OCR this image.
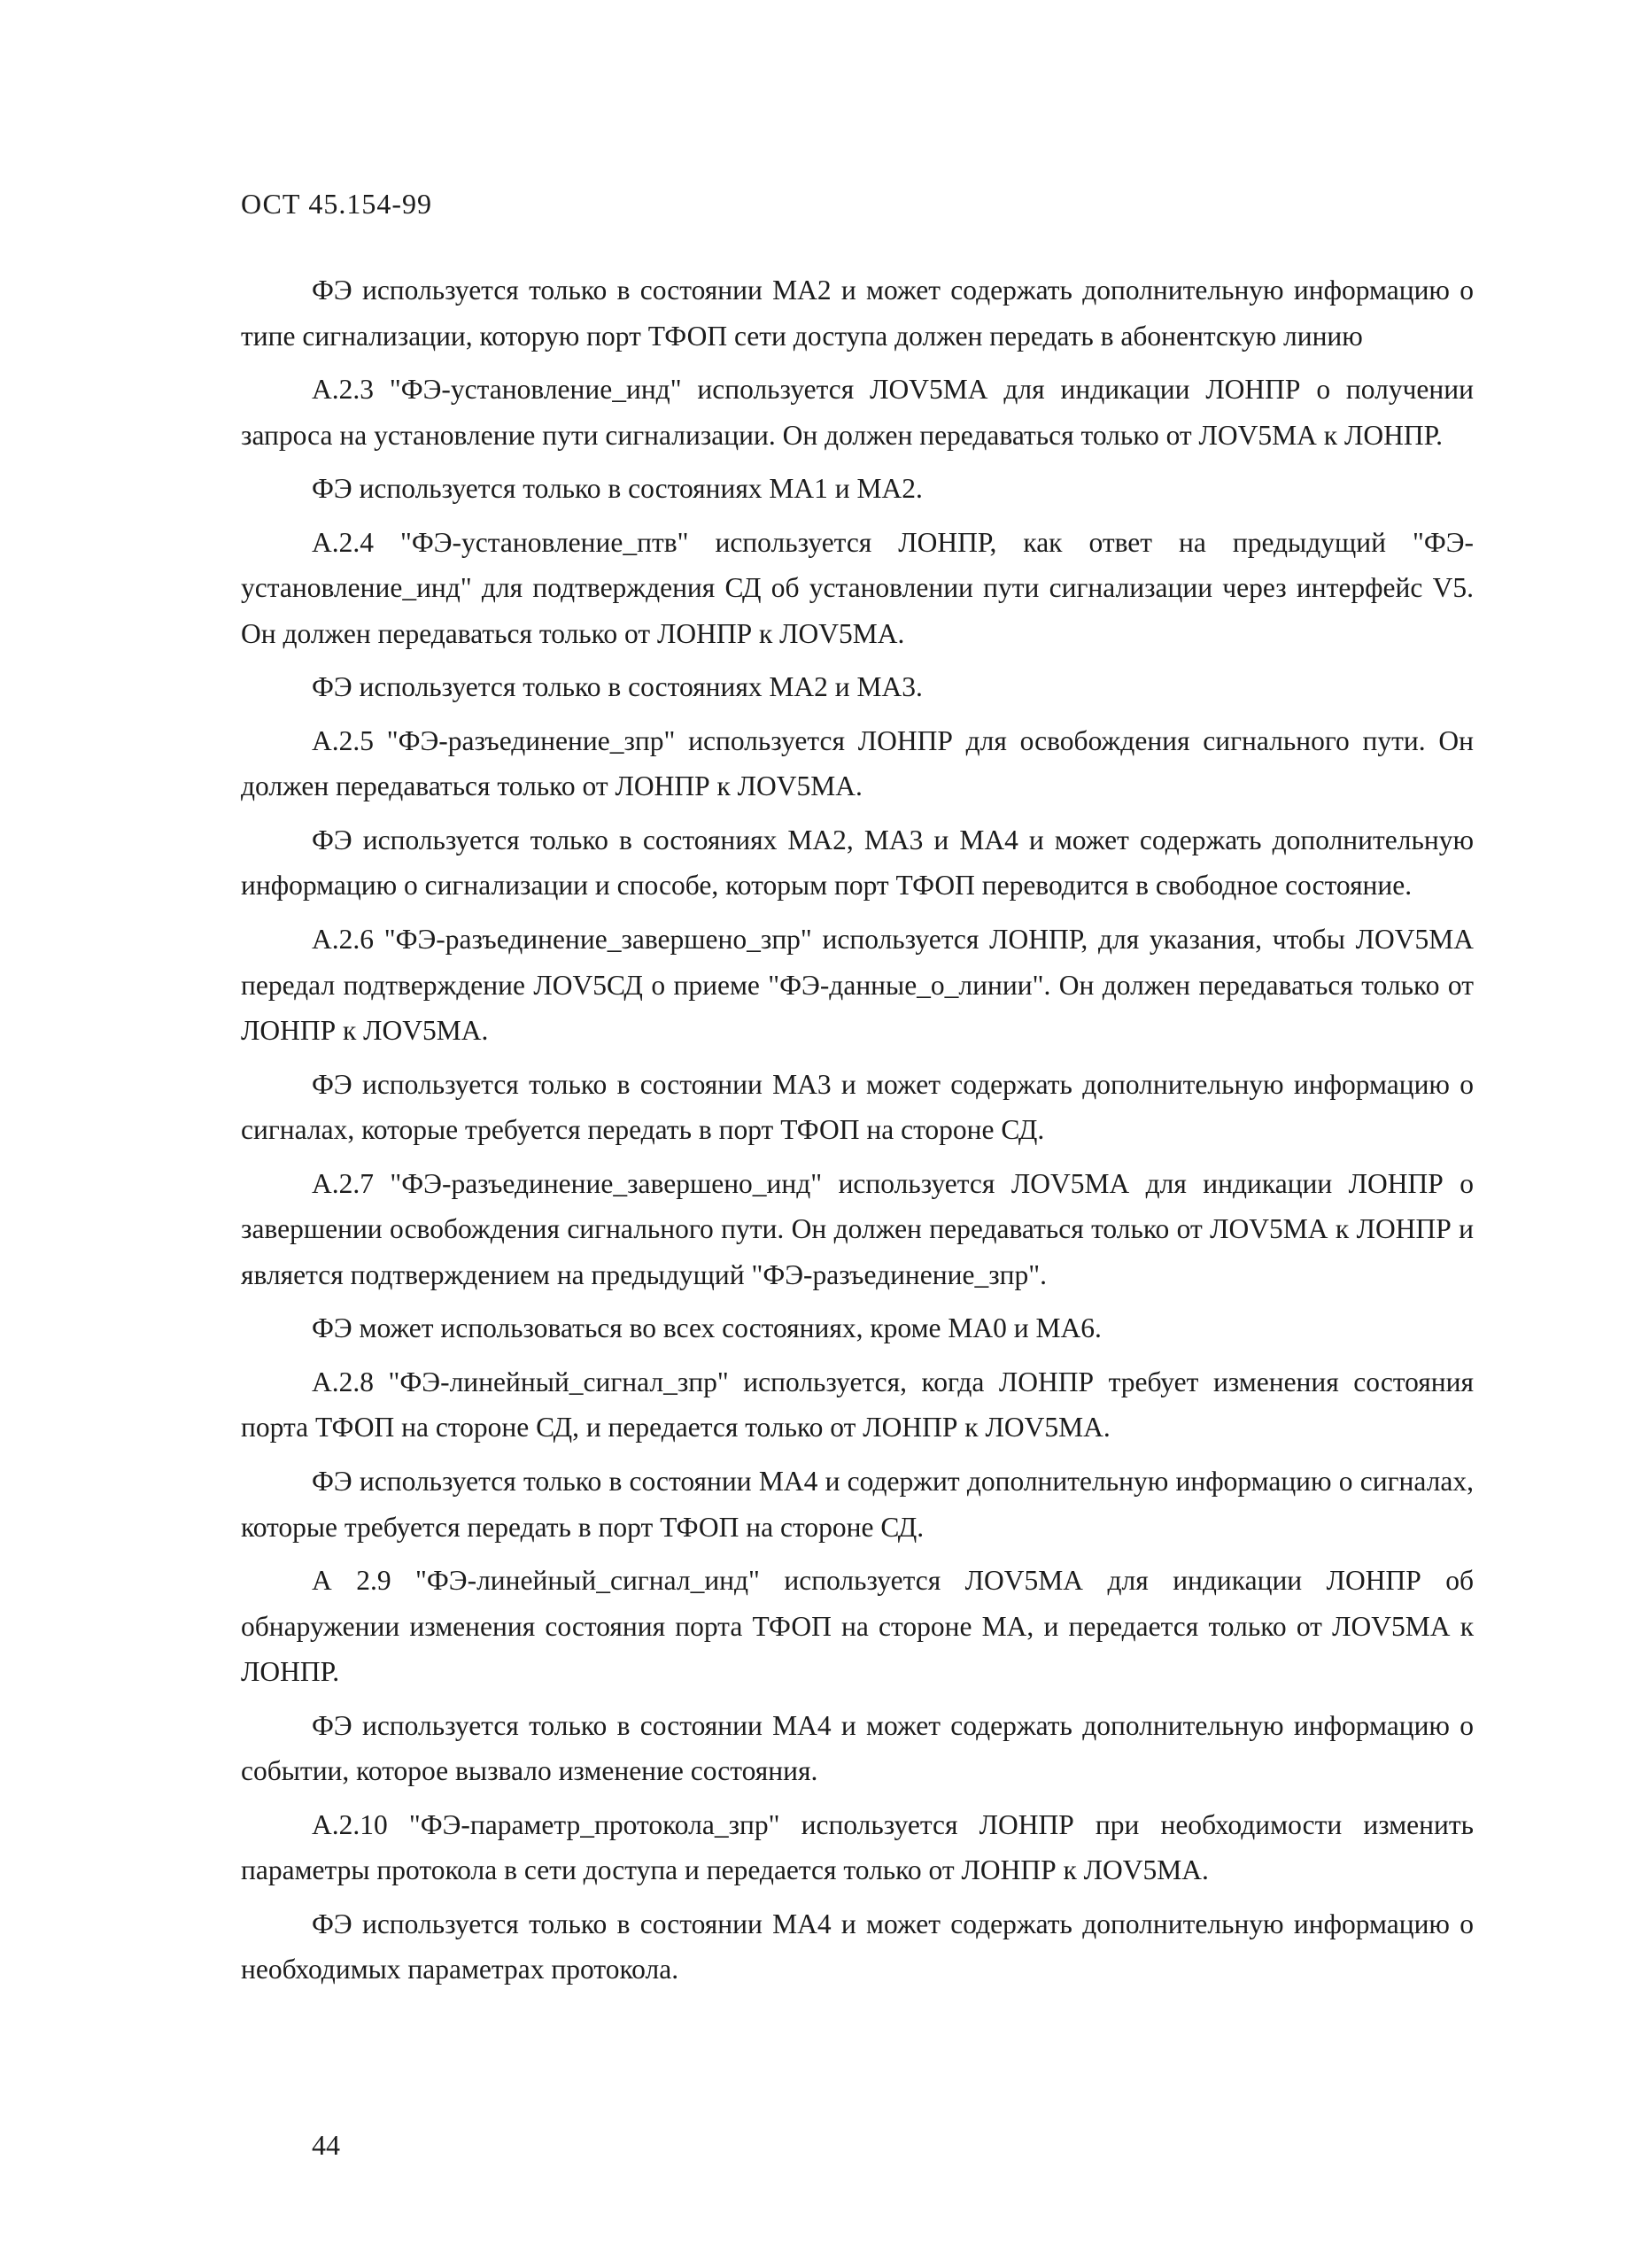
ОСТ 45.154-99

ФЭ используется только в состоянии МА2 и может содержать дополнительную информацию о типе сигнализации, которую порт ТФОП сети доступа должен передать в абонентскую линию

А.2.3 "ФЭ-установление_инд" используется ЛОV5МА для индикации ЛОНПР о получении запроса на установление пути сигнализации. Он должен передаваться только от ЛОV5МА к ЛОНПР.

ФЭ используется только в состояниях МА1 и МА2.

А.2.4 "ФЭ-установление_птв" используется ЛОНПР, как ответ на предыдущий "ФЭ-установление_инд" для подтверждения СД об установлении пути сигнализации через интерфейс V5. Он должен передаваться только от ЛОНПР к ЛОV5МА.

ФЭ используется только в состояниях МА2 и МА3.

А.2.5 "ФЭ-разъединение_зпр" используется ЛОНПР для освобождения сигнального пути. Он должен передаваться только от ЛОНПР к ЛОV5МА.

ФЭ используется только в состояниях МА2, МА3 и МА4 и может содержать дополнительную информацию о сигнализации и способе, которым порт ТФОП переводится в свободное состояние.

А.2.6 "ФЭ-разъединение_завершено_зпр" используется ЛОНПР, для указания, чтобы ЛОV5МА передал подтверждение ЛОV5СД о приеме "ФЭ-данные_о_линии". Он должен передаваться только от ЛОНПР к ЛОV5МА.

ФЭ используется только в состоянии МА3 и может содержать дополнительную информацию о сигналах, которые требуется передать в порт ТФОП на стороне СД.

А.2.7 "ФЭ-разъединение_завершено_инд" используется ЛОV5МА для индикации ЛОНПР о завершении освобождения сигнального пути. Он должен передаваться только от ЛОV5МА к ЛОНПР и является подтверждением на предыдущий "ФЭ-разъединение_зпр".

ФЭ может использоваться во всех состояниях, кроме МА0 и МА6.

А.2.8 "ФЭ-линейный_сигнал_зпр" используется, когда ЛОНПР требует изменения состояния порта ТФОП на стороне СД, и передается только от ЛОНПР к ЛОV5МА.

ФЭ используется только в состоянии МА4 и содержит дополнительную информацию о сигналах, которые требуется передать в порт ТФОП на стороне СД.

А 2.9 "ФЭ-линейный_сигнал_инд" используется ЛОV5МА для индикации ЛОНПР об обнаружении изменения состояния порта ТФОП на стороне МА, и передается только от ЛОV5МА к ЛОНПР.

ФЭ используется только в состоянии МА4 и может содержать дополнительную информацию о событии, которое вызвало изменение состояния.

А.2.10 "ФЭ-параметр_протокола_зпр" используется ЛОНПР при необходимости изменить параметры протокола в сети доступа и передается только от ЛОНПР к ЛОV5МА.

ФЭ используется только в состоянии МА4 и может содержать дополнительную информацию о необходимых параметрах протокола.

44
